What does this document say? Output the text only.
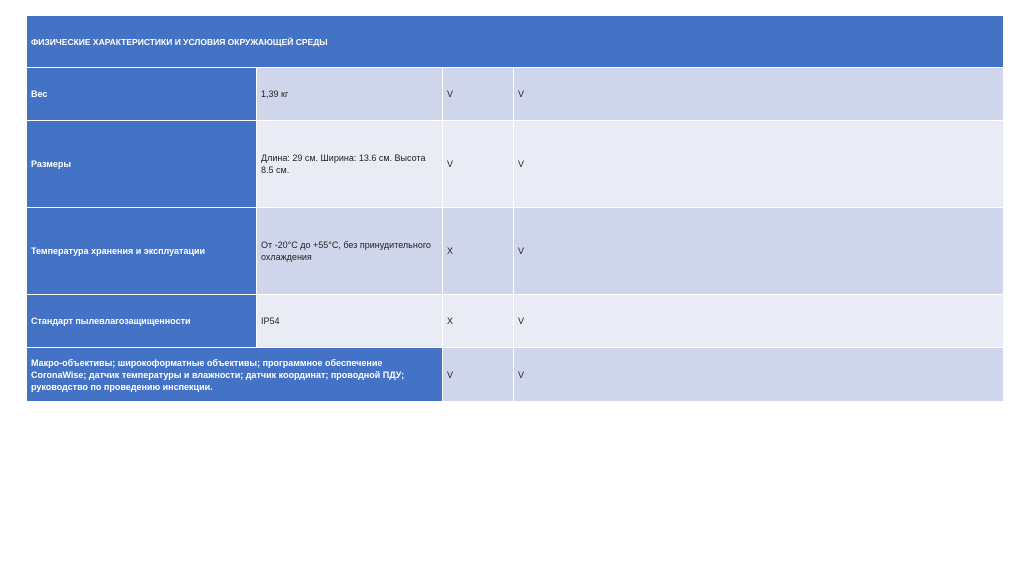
ФИЗИЧЕСКИЕ ХАРАКТЕРИСТИКИ И УСЛОВИЯ ОКРУЖАЮЩЕЙ СРЕДЫ			
Вес	1,39 кг	V	V
Размеры	Длина: 29 см. Ширина: 13.6 см. Высота 8.5 см.	V	V
Температура хранения и эксплуатации	От -20°C до +55°C, без принудительного охлаждения	X	V
Стандарт пылевлагозащищенности	IP54	X	V
Макро-объективы; широкоформатные объективы; программное обеспечение CoronaWise; датчик температуры и влажности; датчик координат; проводной ПДУ; руководство по проведению инспекции.		V	V
